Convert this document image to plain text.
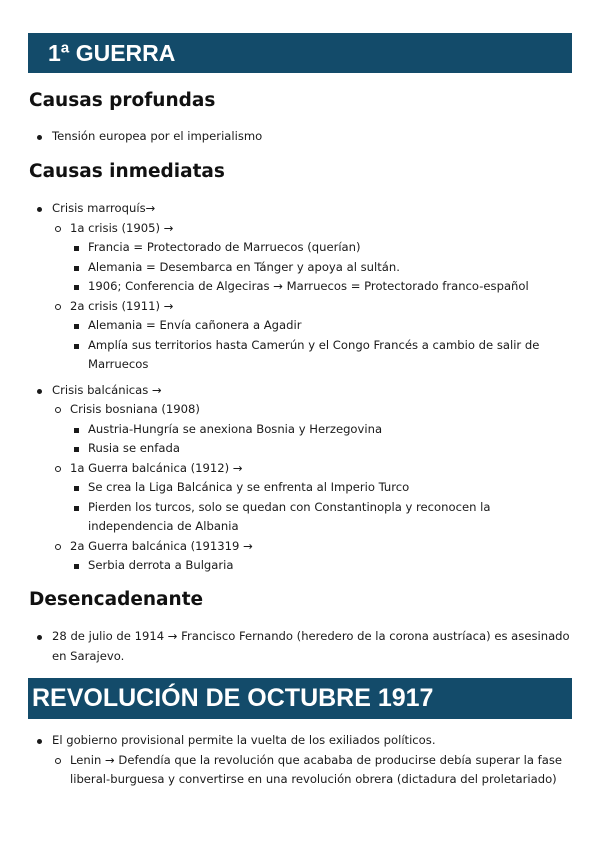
1ª GUERRA
Causas profundas
Tensión europea por el imperialismo
Causas inmediatas
Crisis marroquís→
1a crisis (1905) →
Francia = Protectorado de Marruecos (querían)
Alemania = Desembarca en Tánger y apoya al sultán.
1906; Conferencia de Algeciras → Marruecos = Protectorado franco-español
2a crisis (1911) →
Alemania = Envía cañonera a Agadir
Amplía sus territorios hasta Camerún y el Congo Francés a cambio de salir de
Marruecos
Crisis balcánicas →
Crisis bosniana (1908)
Austria-Hungría se anexiona Bosnia y Herzegovina
Rusia se enfada
1a Guerra balcánica (1912) →
Se crea la Liga Balcánica y se enfrenta al Imperio Turco
Pierden los turcos, solo se quedan con Constantinopla y reconocen la
independencia de Albania
2a Guerra balcánica (191319 →
Serbia derrota a Bulgaria
Desencadenante
28 de julio de 1914 → Francisco Fernando (heredero de la corona austríaca) es asesinado
en Sarajevo.
REVOLUCIÓN DE OCTUBRE 1917
El gobierno provisional permite la vuelta de los exiliados políticos.
Lenin → Defendía que la revolución que acababa de producirse debía superar la fase
liberal-burguesa y convertirse en una revolución obrera (dictadura del proletariado)
